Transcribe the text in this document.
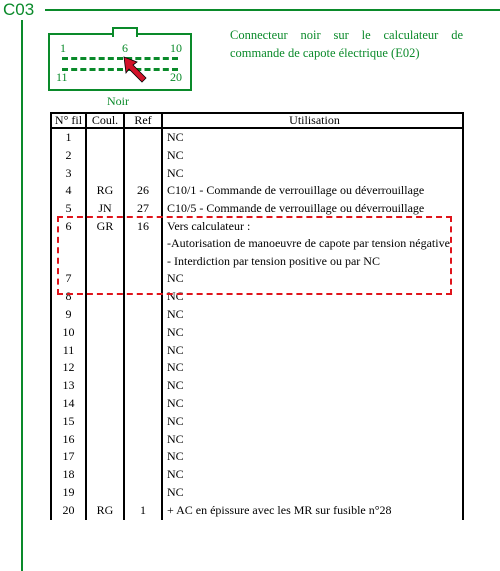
C03
1	6	10
11	20
Connecteur noir sur le calculateur de
commande de capote électrique (E02)
Noir
N° fil	Coul.	Ref	Utilisation
1			NC

2			NC

3			NC

4	RG	26	C10/1 - Commande de verrouillage ou déverrouillage

5	JN	27	C10/5 - Commande de verrouillage ou déverrouillage

6	GR	16	Vers calculateur :
-Autorisation de manoeuvre de capote par tension négative
- Interdiction par tension positive ou par NC

7			NC

8			NC

9			NC

10			NC

11			NC

12			NC

13			NC

14			NC

15			NC

16			NC

17			NC

18			NC

19			NC

20	RG	1	+ AC en épissure avec les MR sur fusible n°28
